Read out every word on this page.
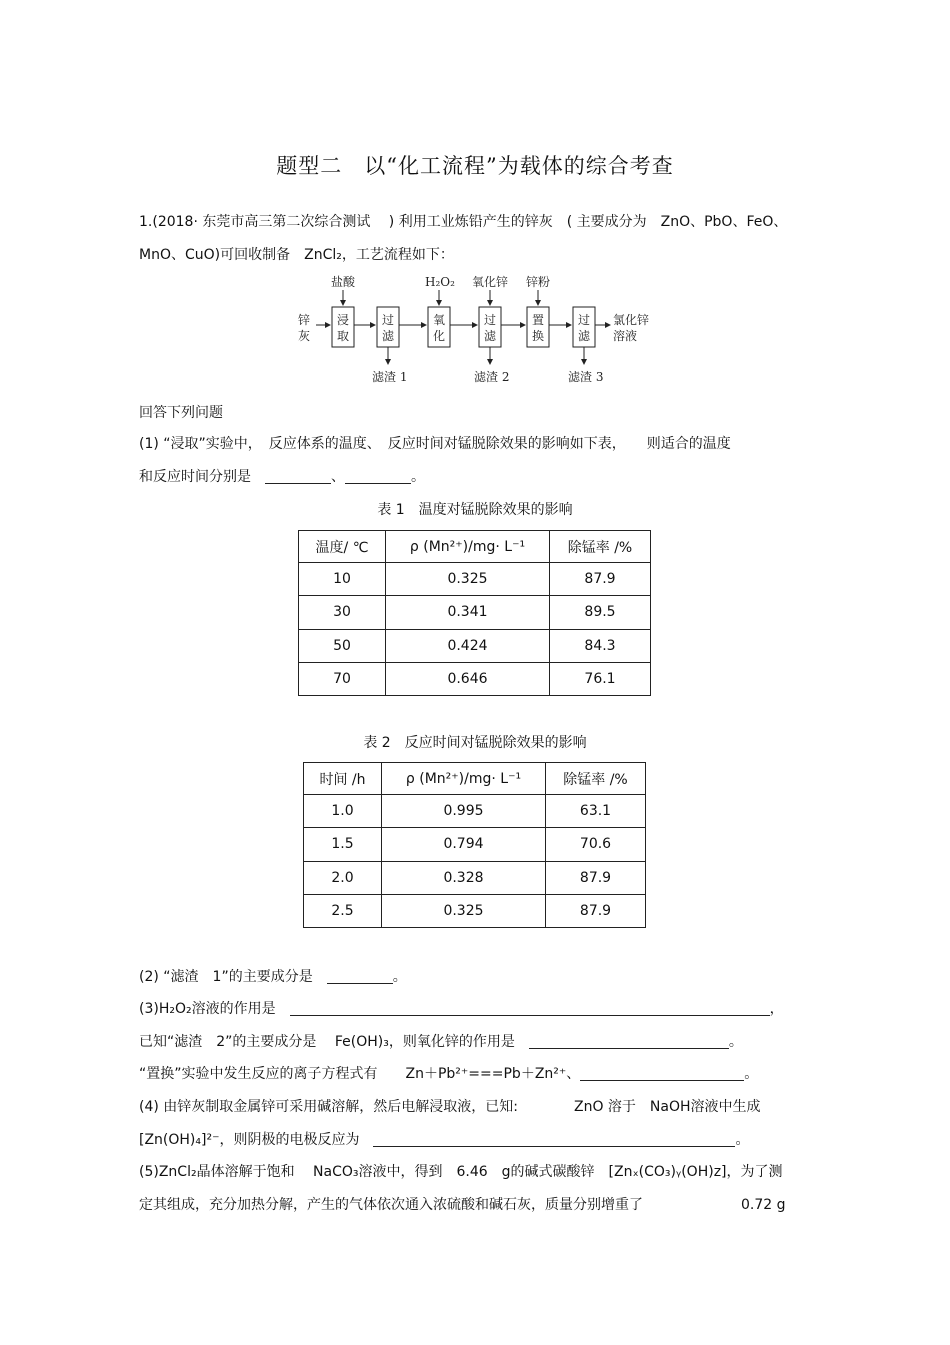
题型二　以“化工流程”为载体的综合考查
1.(2018· 东莞市高三第二次综合测试　 ) 利用工业炼铅产生的锌灰　( 主要成分为　ZnO、PbO、FeO、
MnO、CuO)可回收制备　ZnCl₂，工艺流程如下：
锌
灰
浸
取
过
滤
氧
化
过
滤
置
换
过
滤
盐酸	H₂O₂ 氧化锌 锌粉
滤渣 1	滤渣 2	滤渣 3
氯化锌
溶液
回答下列问题
(1) “浸取”实验中，　反应体系的温度、　反应时间对锰脱除效果的影响如下表，　　则适合的温度
和反应时间分别是　	、	。
表 1　温度对锰脱除效果的影响
温度/ ℃	ρ (Mn²⁺)/mg· L⁻¹	除锰率 /%
10	0.325	87.9
30	0.341	89.5
50	0.424	84.3
70	0.646	76.1
表 2　反应时间对锰脱除效果的影响
时间 /h	ρ (Mn²⁺)/mg· L⁻¹	除锰率 /%
1.0	0.995	63.1
1.5	0.794	70.6
2.0	0.328	87.9
2.5	0.325	87.9
(2) “滤渣　1”的主要成分是　	。
(3)H₂O₂溶液的作用是　	，
已知“滤渣　2”的主要成分是　 Fe(OH)₃，则氧化锌的作用是　	。
“置换”实验中发生反应的离子方程式有　　Zn＋Pb²⁺===Pb＋Zn²⁺、	。
(4) 由锌灰制取金属锌可采用碱溶解，然后电解浸取液，已知:　　　　ZnO 溶于　NaOH溶液中生成
[Zn(OH)₄]²⁻，则阴极的电极反应为　	。
(5)ZnCl₂晶体溶解于饱和　 NaCO₃溶液中，得到　6.46　g的碱式碳酸锌　[Znₓ(CO₃)ᵧ(OH)z]，为了测
定其组成，充分加热分解，产生的气体依次通入浓硫酸和碱石灰，质量分别增重了　　　　　　　0.72 g
